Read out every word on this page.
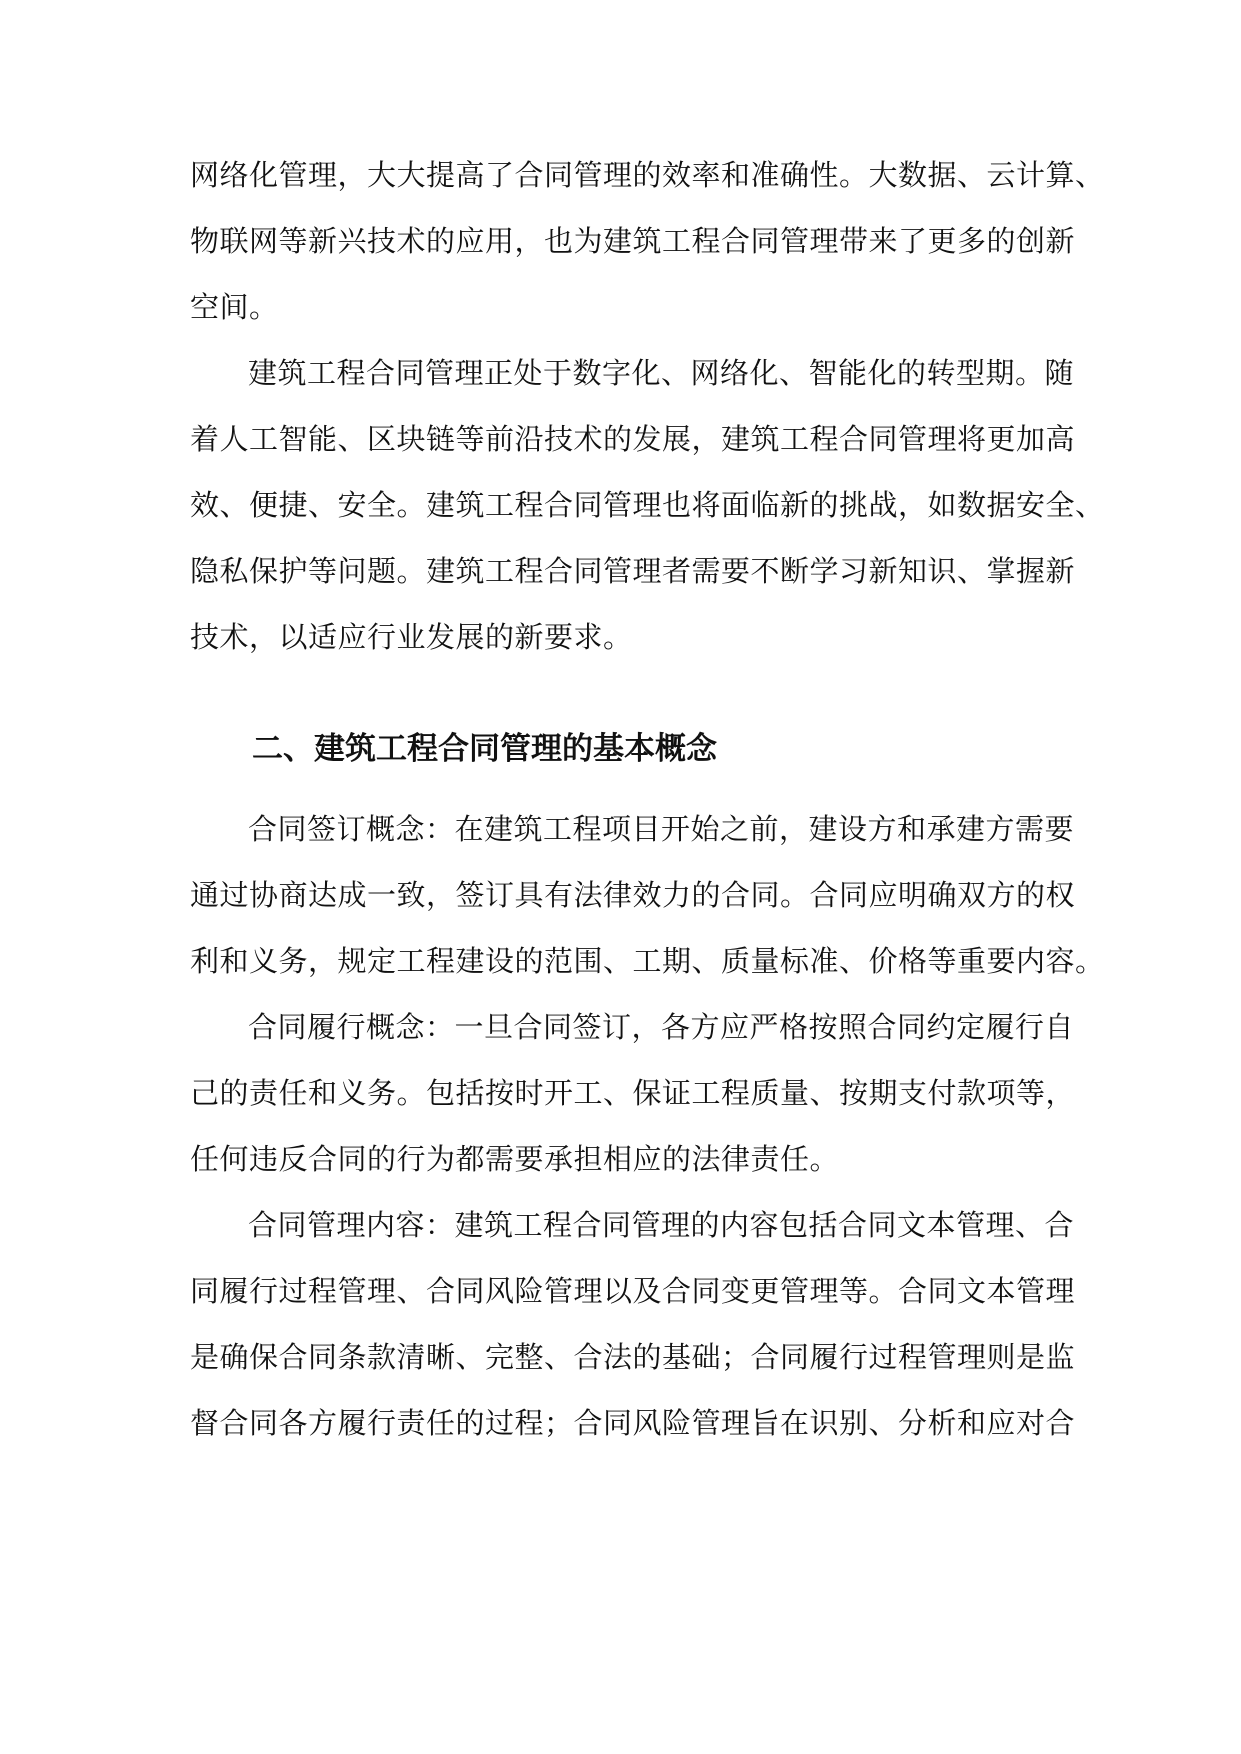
网络化管理，大大提高了合同管理的效率和准确性。大数据、云计算、
物联网等新兴技术的应用，也为建筑工程合同管理带来了更多的创新
空间。

建筑工程合同管理正处于数字化、网络化、智能化的转型期。随
着人工智能、区块链等前沿技术的发展，建筑工程合同管理将更加高
效、便捷、安全。建筑工程合同管理也将面临新的挑战，如数据安全、
隐私保护等问题。建筑工程合同管理者需要不断学习新知识、掌握新
技术，以适应行业发展的新要求。

二、建筑工程合同管理的基本概念

合同签订概念：在建筑工程项目开始之前，建设方和承建方需要
通过协商达成一致，签订具有法律效力的合同。合同应明确双方的权
利和义务，规定工程建设的范围、工期、质量标准、价格等重要内容。

合同履行概念：一旦合同签订，各方应严格按照合同约定履行自
己的责任和义务。包括按时开工、保证工程质量、按期支付款项等，
任何违反合同的行为都需要承担相应的法律责任。

合同管理内容：建筑工程合同管理的内容包括合同文本管理、合
同履行过程管理、合同风险管理以及合同变更管理等。合同文本管理
是确保合同条款清晰、完整、合法的基础；合同履行过程管理则是监
督合同各方履行责任的过程；合同风险管理旨在识别、分析和应对合
